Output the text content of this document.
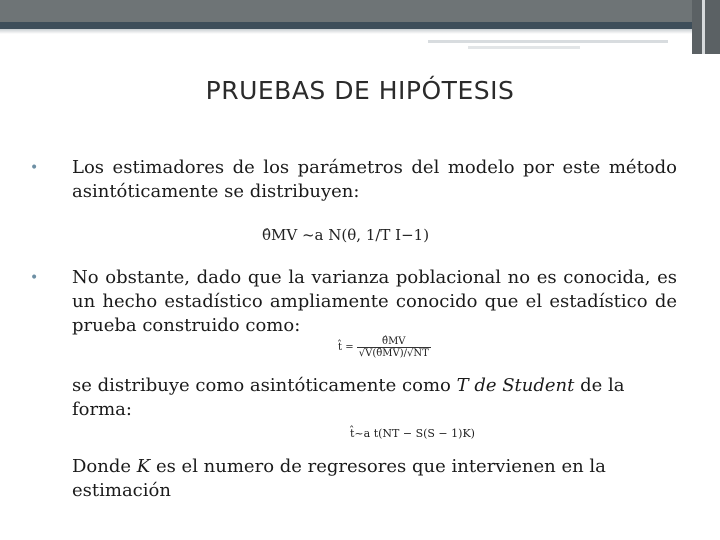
PRUEBAS DE HIPÓTESIS
• Los estimadores de los parámetros del modelo por este método asintóticamente se distribuyen:
θ̂MV ~a N(θ, 1/T I−1)
• No obstante, dado que la varianza poblacional no es conocida, es un hecho estadístico ampliamente conocido que el estadístico de prueba construido como:
t̂ = $\frac{\thetâMV}{√V(\thetâMV)/√NT}$
se distribuye como asintóticamente como T de Student de la forma:
t̂~a t(NT − S(S − 1)K)
Donde K es el numero de regresores que intervienen en la estimación
